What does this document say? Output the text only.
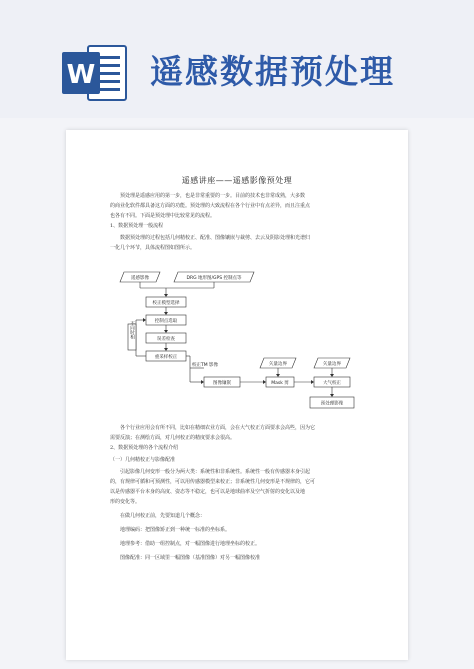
W 遥感数据预处理
遥感讲座——遥感影像预处理
预处理是遥感应用的第一步，也是非常重要的一步。目前的技术也非常成熟，大多数
的商业化软件都具备这方面的功能。预处理的大致流程在各个行业中有点差异，而且注重点
也各有不同。下面是预处理中比较常见的流程。
1、数据预处理一般流程
数据预处理的过程包括几何精校正、配准、图像镶嵌与裁剪、去云及阴影处理和光谱归
一化几个环节，具体流程图如图所示。
遥感影像	DRG 地形图/GPS 控制点等
校正模型选择
控制点选取
误差检查
重采样校正
不同时相
校正TM 影像
图像镶嵌
矢量边界
Mask 剪
矢量边界
大气校正
预处理影像
各个行业应用会有所不同，比如在精细农业方面，会在大气校正方面要求会高些，因为它
需要反演；在测绘方面，对几何校正的精度要求会很高。
2、数据预处理的各个流程介绍
（一）几何精校正与影像配准
引起影像几何变形一般分为两大类：系统性和非系统性。系统性一般有传感器本身引起
的，有规律可循和可预测性，可以用传感器模型来校正；非系统性几何变形是不规律的，它可
以是传感器平台本身的高度、姿态等不稳定，也可以是地球曲率及空气折射的变化以及地
形的变化等。
在做几何校正前，先要知道几个概念：
地理编码：把图像矫正到一种统一标准的坐标系。
地理参考：借助一组控制点，对一幅图像进行地理坐标的校正。
图像配准：同一区域里一幅图像（基准图像）对另一幅图像校准
